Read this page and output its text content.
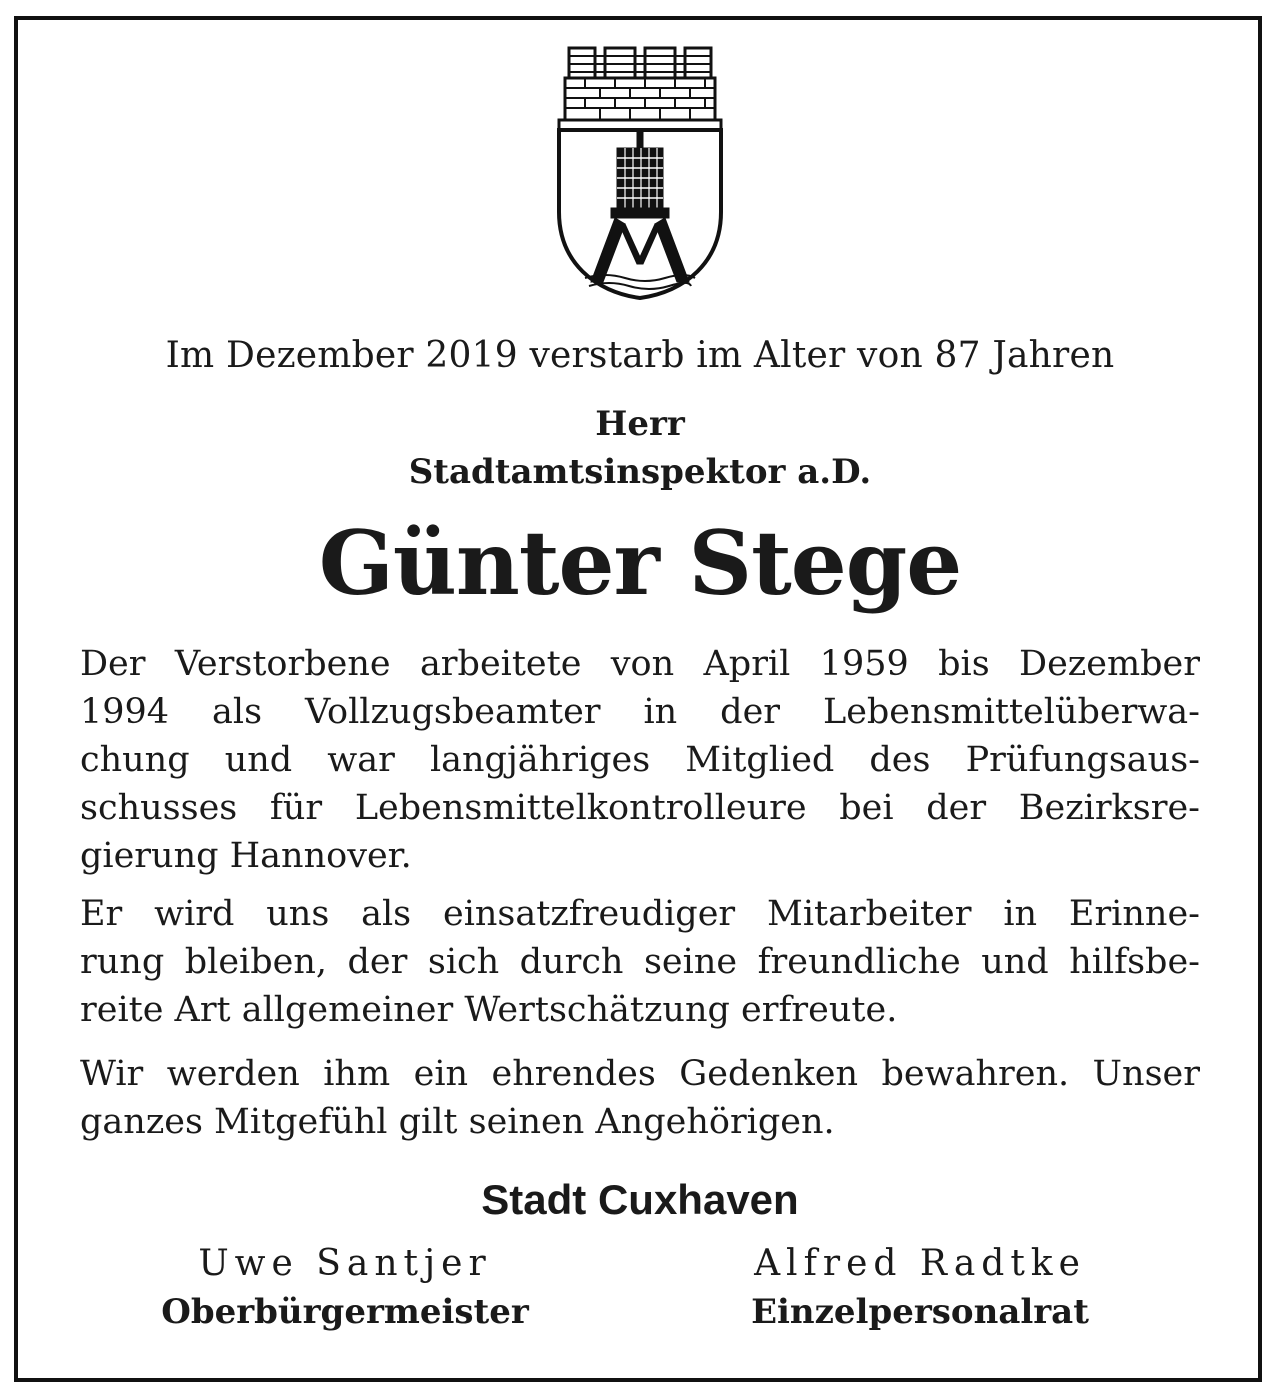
Im Dezember 2019 verstarb im Alter von 87 Jahren
Herr
Stadtamtsinspektor a.D.
Günter Stege
Der Verstorbene arbeitete von April 1959 bis Dezember
1994 als Vollzugsbeamter in der Lebensmittelüberwa-
chung und war langjähriges Mitglied des Prüfungsaus-
schusses für Lebensmittelkontrolleure bei der Bezirksre-
gierung Hannover.
Er wird uns als einsatzfreudiger Mitarbeiter in Erinne-
rung bleiben, der sich durch seine freundliche und hilfsbe-
reite Art allgemeiner Wertschätzung erfreute.
Wir werden ihm ein ehrendes Gedenken bewahren. Unser
ganzes Mitgefühl gilt seinen Angehörigen.
Stadt Cuxhaven
Uwe Santjer
Oberbürgermeister
Alfred Radtke
Einzelpersonalrat
